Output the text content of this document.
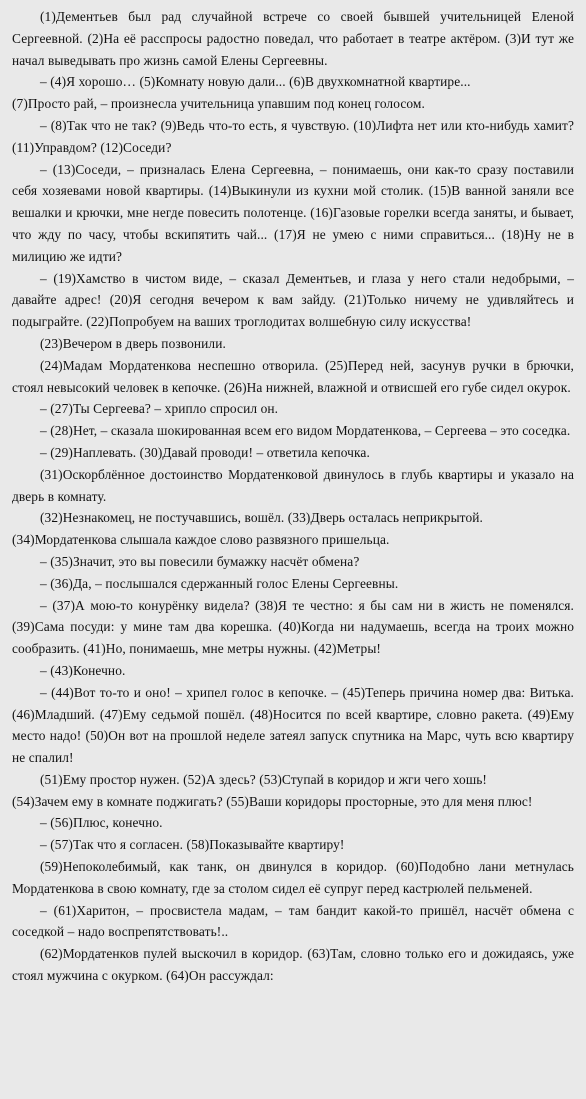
(1)Дементьев был рад случайной встрече со своей бывшей учительницей Еленой Сергеевной. (2)На её расспросы радостно поведал, что работает в театре актёром. (3)И тут же начал выведывать про жизнь самой Елены Сергеевны.

– (4)Я хорошо… (5)Комнату новую дали... (6)В двухкомнатной квартире...

(7)Просто рай, – произнесла учительница упавшим под конец голосом.

– (8)Так что не так? (9)Ведь что-то есть, я чувствую. (10)Лифта нет или кто-нибудь хамит? (11)Управдом? (12)Соседи?

– (13)Соседи, – призналась Елена Сергеевна, – понимаешь, они как-то сразу поставили себя хозяевами новой квартиры. (14)Выкинули из кухни мой столик. (15)В ванной заняли все вешалки и крючки, мне негде повесить полотенце. (16)Газовые горелки всегда заняты, и бывает, что жду по часу, чтобы вскипятить чай... (17)Я не умею с ними справиться... (18)Ну не в милицию же идти?

– (19)Хамство в чистом виде, – сказал Дементьев, и глаза у него стали недобрыми, – давайте адрес! (20)Я сегодня вечером к вам зайду. (21)Только ничему не удивляйтесь и подыграйте. (22)Попробуем на ваших троглодитах волшебную силу искусства!

(23)Вечером в дверь позвонили.

(24)Мадам Мордатенкова неспешно отворила. (25)Перед ней, засунув ручки в брючки, стоял невысокий человек в кепочке. (26)На нижней, влажной и отвисшей его губе сидел окурок.

– (27)Ты Сергеева? – хрипло спросил он.

– (28)Нет, – сказала шокированная всем его видом Мордатенкова, – Сергеева – это соседка.

– (29)Наплевать. (30)Давай проводи! – ответила кепочка.

(31)Оскорблённое достоинство Мордатенковой двинулось в глубь квартиры и указало на дверь в комнату.

(32)Незнакомец, не постучавшись, вошёл. (33)Дверь осталась неприкрытой.

(34)Мордатенкова слышала каждое слово развязного пришельца.

– (35)Значит, это вы повесили бумажку насчёт обмена?

– (36)Да, – послышался сдержанный голос Елены Сергеевны.

– (37)А мою-то конурёнку видела? (38)Я те честно: я бы сам ни в жисть не поменялся. (39)Сама посуди: у мине там два корешка. (40)Когда ни надумаешь, всегда на троих можно сообразить. (41)Но, понимаешь, мне метры нужны. (42)Метры!

– (43)Конечно.

– (44)Вот то-то и оно! – хрипел голос в кепочке. – (45)Теперь причина номер два: Витька. (46)Младший. (47)Ему седьмой пошёл. (48)Носится по всей квартире, словно ракета. (49)Ему место надо! (50)Он вот на прошлой неделе затеял запуск спутника на Марс, чуть всю квартиру не спалил!

(51)Ему простор нужен. (52)А здесь? (53)Ступай в коридор и жги чего хошь!

(54)Зачем ему в комнате поджигать? (55)Ваши коридоры просторные, это для меня плюс!

– (56)Плюс, конечно.

– (57)Так что я согласен. (58)Показывайте квартиру!

(59)Непоколебимый, как танк, он двинулся в коридор. (60)Подобно лани метнулась Мордатенкова в свою комнату, где за столом сидел её супруг перед кастрюлей пельменей.

– (61)Харитон, – просвистела мадам, – там бандит какой-то пришёл, насчёт обмена с соседкой – надо воспрепятствовать!..

(62)Мордатенков пулей выскочил в коридор. (63)Там, словно только его и дожидаясь, уже стоял мужчина с окурком. (64)Он рассуждал:
